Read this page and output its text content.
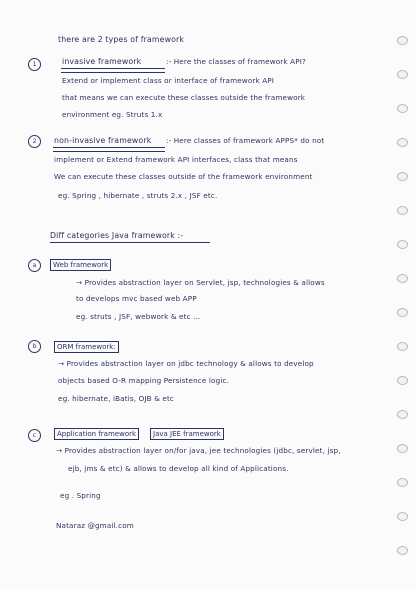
there are 2 types of framework
1	invasive framework	:- Here the classes of framework API?
Extend or implement class or interface of framework API
that means we can execute these classes outside the framework
environment eg. Struts 1.x
2	non-invasive framework :- Here classes of framework APPS* do not
implement or Extend framework API interfaces, class that means
We can execute these classes outside of the framework environment
eg. Spring , hibernate , struts 2.x , JSF etc.
Diff categories Java framework :-
a	Web framework
→ Provides abstraction layer on Servlet, jsp, technologies & allows
to develops mvc based web APP
eg. struts , JSF, webwork & etc ...
b	ORM framework:
→ Provides abstraction layer on jdbc technology & allows to develop
objects based O-R mapping Persistence logic.
eg. hibernate, iBatis, OJB & etc
c	Application framework	Java JEE framework
→ Provides abstraction layer on/for java, jee technologies (jdbc, servlet, jsp,
ejb, jms & etc) & allows to develop all kind of Applications.
eg . Spring
Nataraz @gmail.com
